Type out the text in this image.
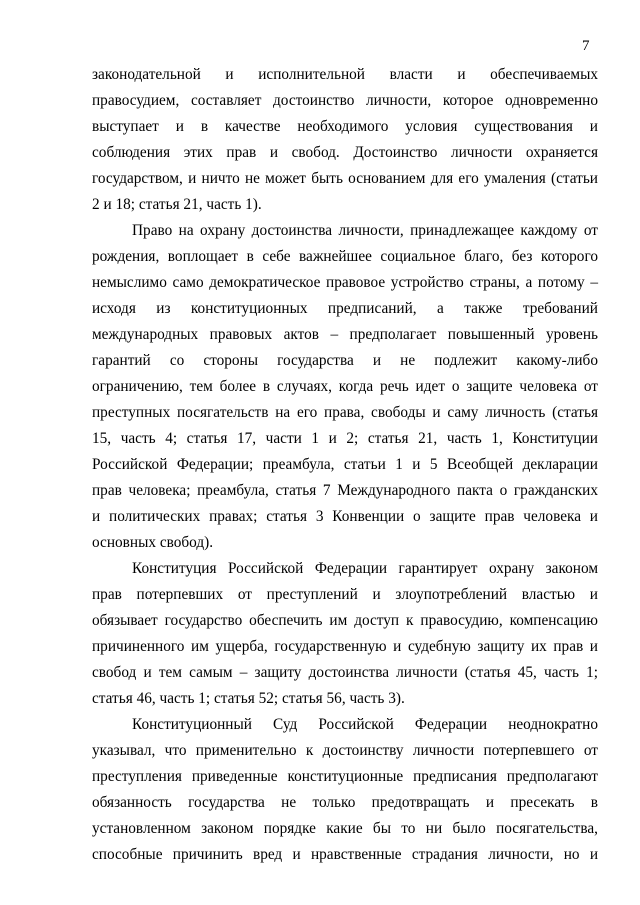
7
законодательной и исполнительной власти и обеспечиваемых
правосудием, составляет достоинство личности, которое одновременно
выступает и в качестве необходимого условия существования и
соблюдения этих прав и свобод. Достоинство личности охраняется
государством, и ничто не может быть основанием для его умаления (статьи
2 и 18; статья 21, часть 1).
Право на охрану достоинства личности, принадлежащее каждому от
рождения, воплощает в себе важнейшее социальное благо, без которого
немыслимо само демократическое правовое устройство страны, а потому –
исходя из конституционных предписаний, а также требований
международных правовых актов – предполагает повышенный уровень
гарантий со стороны государства и не подлежит какому-либо
ограничению, тем более в случаях, когда речь идет о защите человека от
преступных посягательств на его права, свободы и саму личность (статья
15, часть 4; статья 17, части 1 и 2; статья 21, часть 1, Конституции
Российской Федерации; преамбула, статьи 1 и 5 Всеобщей декларации
прав человека; преамбула, статья 7 Международного пакта о гражданских
и политических правах; статья 3 Конвенции о защите прав человека и
основных свобод).
Конституция Российской Федерации гарантирует охрану законом
прав потерпевших от преступлений и злоупотреблений властью и
обязывает государство обеспечить им доступ к правосудию, компенсацию
причиненного им ущерба, государственную и судебную защиту их прав и
свобод и тем самым – защиту достоинства личности (статья 45, часть 1;
статья 46, часть 1; статья 52; статья 56, часть 3).
Конституционный Суд Российской Федерации неоднократно
указывал, что применительно к достоинству личности потерпевшего от
преступления приведенные конституционные предписания предполагают
обязанность государства не только предотвращать и пресекать в
установленном законом порядке какие бы то ни было посягательства,
способные причинить вред и нравственные страдания личности, но и
